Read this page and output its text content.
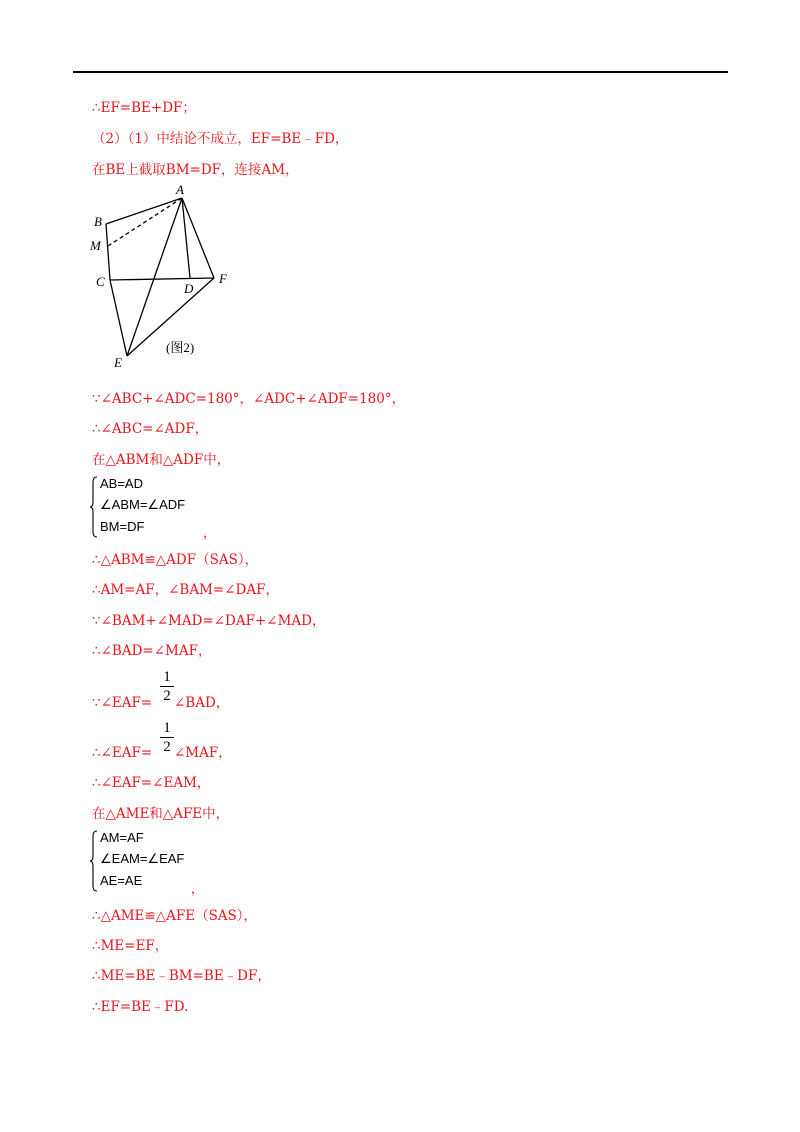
∴EF=BE+DF；
（2）（1）中结论不成立，EF=BE﹣FD，
在BE上截取BM=DF，连接AM，
A
B
M
C	D
F
E
(图2)
∵∠ABC+∠ADC=180°，∠ADC+∠ADF=180°，
∴∠ABC=∠ADF，
在△ABM和△ADF中，
AB=AD
∠ABM=∠ADF
BM=DF	，
∴△ABM≌△ADF（SAS），
∴AM=AF，∠BAM=∠DAF，
∵∠BAM+∠MAD=∠DAF+∠MAD，
∴∠BAD=∠MAF，
∵∠EAF=
1
2 ∠BAD，
∴∠EAF=
1
2 ∠MAF，
∴∠EAF=∠EAM，
在△AME和△AFE中，
AM=AF
∠EAM=∠EAF
AE=AE
，
∴△AME≌△AFE（SAS），
∴ME=EF，
∴ME=BE﹣BM=BE﹣DF，
∴EF=BE﹣FD.
